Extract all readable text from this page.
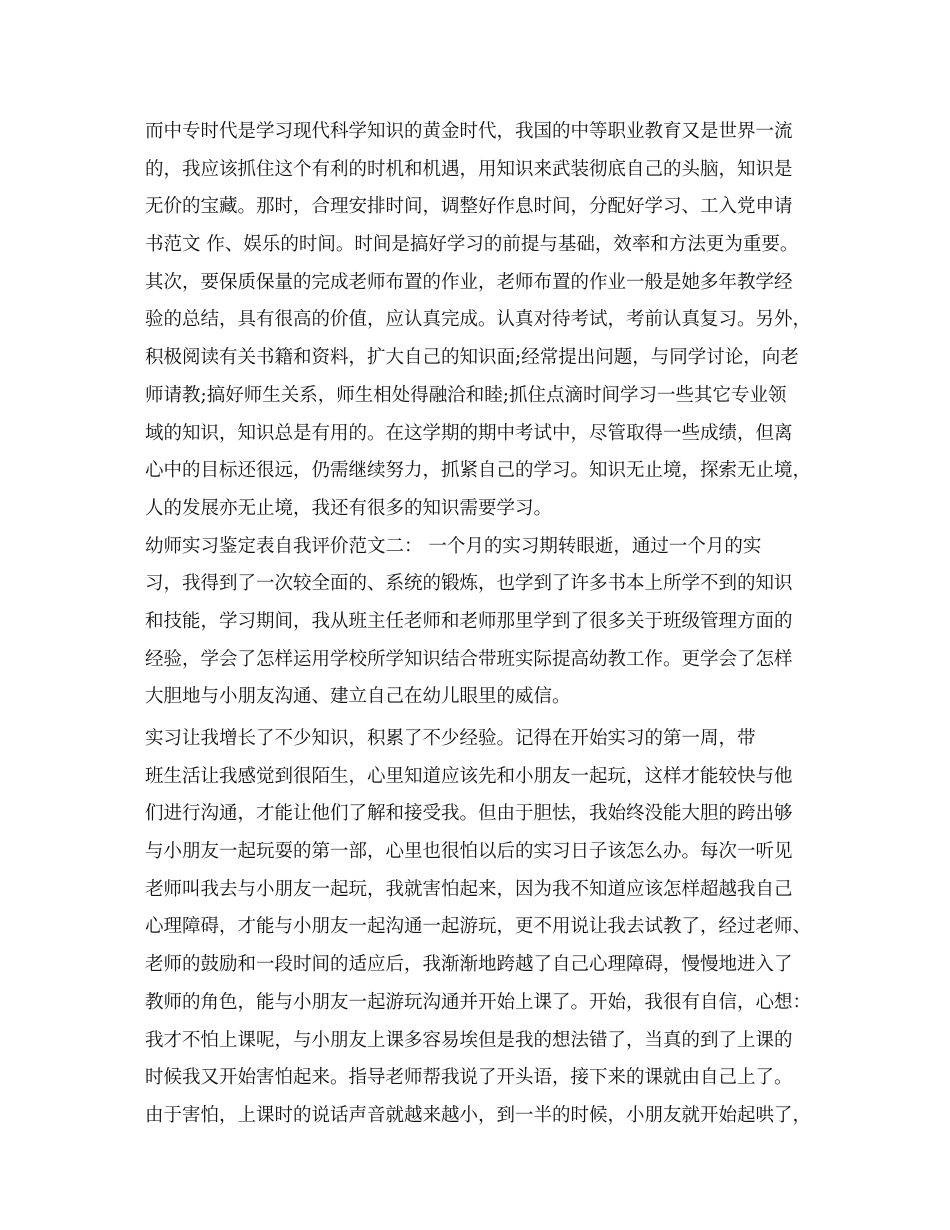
而中专时代是学习现代科学知识的黄金时代，我国的中等职业教育又是世界一流
的，我应该抓住这个有利的时机和机遇，用知识来武装彻底自己的头脑，知识是
无价的宝藏。那时，合理安排时间，调整好作息时间，分配好学习、工入党申请
书范文 作、娱乐的时间。时间是搞好学习的前提与基础，效率和方法更为重要。
其次，要保质保量的完成老师布置的作业，老师布置的作业一般是她多年教学经
验的总结，具有很高的价值，应认真完成。认真对待考试，考前认真复习。另外，
积极阅读有关书籍和资料，扩大自己的知识面;经常提出问题，与同学讨论，向老
师请教;搞好师生关系，师生相处得融洽和睦;抓住点滴时间学习一些其它专业领
域的知识，知识总是有用的。在这学期的期中考试中，尽管取得一些成绩，但离
心中的目标还很远，仍需继续努力，抓紧自己的学习。知识无止境，探索无止境，
人的发展亦无止境，我还有很多的知识需要学习。
幼师实习鉴定表自我评价范文二： 一个月的实习期转眼逝，通过一个月的实
习，我得到了一次较全面的、系统的锻炼，也学到了许多书本上所学不到的知识
和技能，学习期间，我从班主任老师和老师那里学到了很多关于班级管理方面的
经验，学会了怎样运用学校所学知识结合带班实际提高幼教工作。更学会了怎样
大胆地与小朋友沟通、建立自己在幼儿眼里的威信。
实习让我增长了不少知识，积累了不少经验。记得在开始实习的第一周，带
班生活让我感觉到很陌生，心里知道应该先和小朋友一起玩，这样才能较快与他
们进行沟通，才能让他们了解和接受我。但由于胆怯，我始终没能大胆的跨出够
与小朋友一起玩耍的第一部，心里也很怕以后的实习日子该怎么办。每次一听见
老师叫我去与小朋友一起玩，我就害怕起来，因为我不知道应该怎样超越我自己
心理障碍，才能与小朋友一起沟通一起游玩，更不用说让我去试教了，经过老师、
老师的鼓励和一段时间的适应后，我渐渐地跨越了自己心理障碍，慢慢地进入了
教师的角色，能与小朋友一起游玩沟通并开始上课了。开始，我很有自信，心想：
我才不怕上课呢，与小朋友上课多容易埃但是我的想法错了，当真的到了上课的
时候我又开始害怕起来。指导老师帮我说了开头语，接下来的课就由自己上了。
由于害怕，上课时的说话声音就越来越小，到一半的时候，小朋友就开始起哄了，
